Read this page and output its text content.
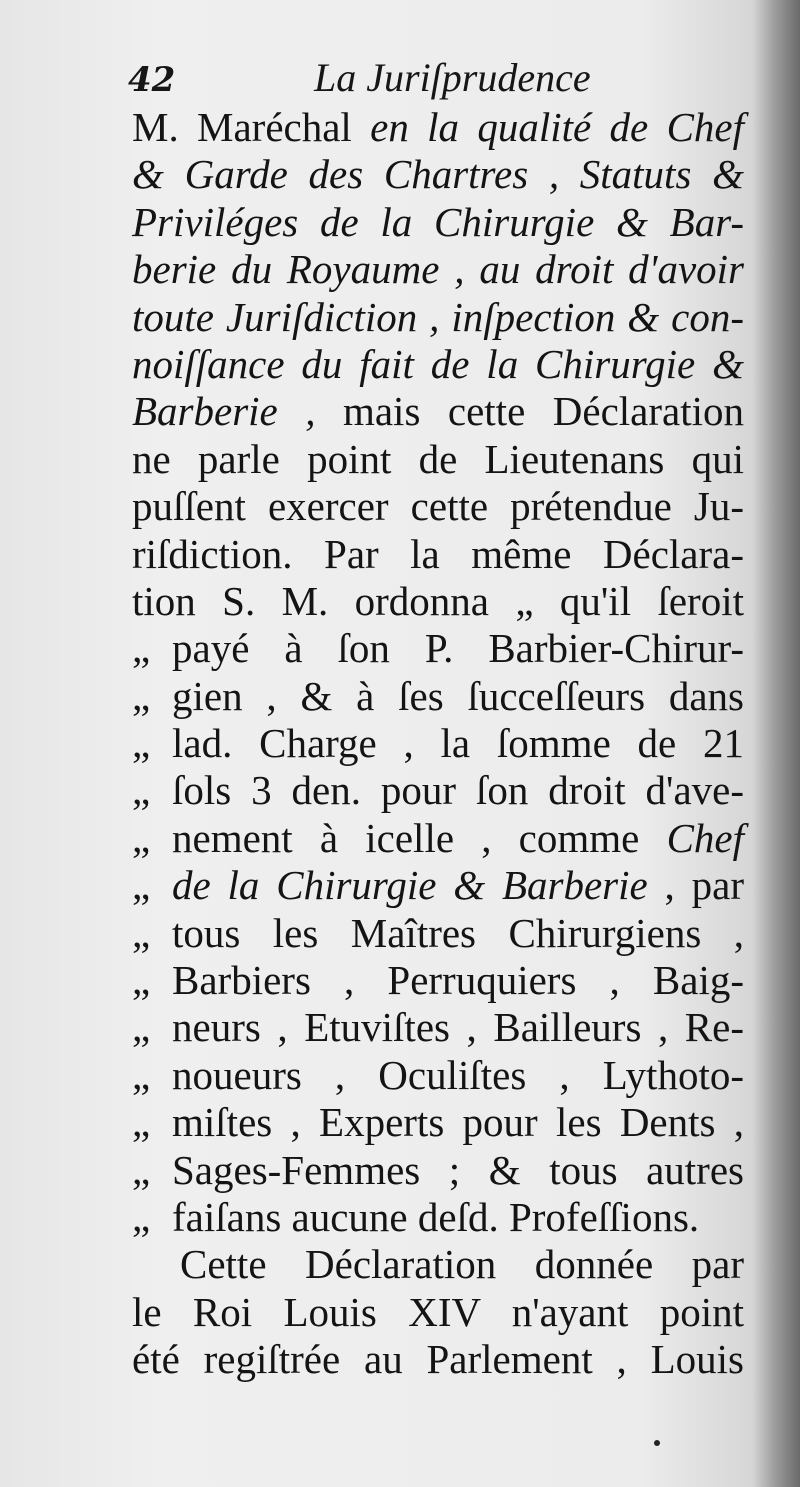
42	La Juriſprudence
M. Maréchal en la qualité de Chef
& Garde des Chartres , Statuts &
Priviléges de la Chirurgie & Bar-
berie du Royaume , au droit d'avoir
toute Juriſdiction , inſpection & con-
noiſſance du fait de la Chirurgie &
Barberie , mais cette Déclaration
ne parle point de Lieutenans qui
puſſent exercer cette prétendue Ju-
riſdiction. Par la même Déclara-
tion S. M. ordonna „ qu'il ſeroit
„ payé à ſon P. Barbier-Chirur-
„ gien , & à ſes ſucceſſeurs dans
„ lad. Charge , la ſomme de 21
„ ſols 3 den. pour ſon droit d'ave-
„ nement à icelle , comme Chef
„ de la Chirurgie & Barberie , par
„ tous les Maîtres Chirurgiens ,
„ Barbiers , Perruquiers , Baig-
„ neurs , Etuviſtes , Bailleurs , Re-
„ noueurs , Oculiſtes , Lythoto-
„ miſtes , Experts pour les Dents ,
„ Sages-Femmes ; & tous autres
„ faiſans aucune deſd. Profeſſions.
Cette Déclaration donnée par
le Roi Louis XIV n'ayant point
été regiſtrée au Parlement , Louis
